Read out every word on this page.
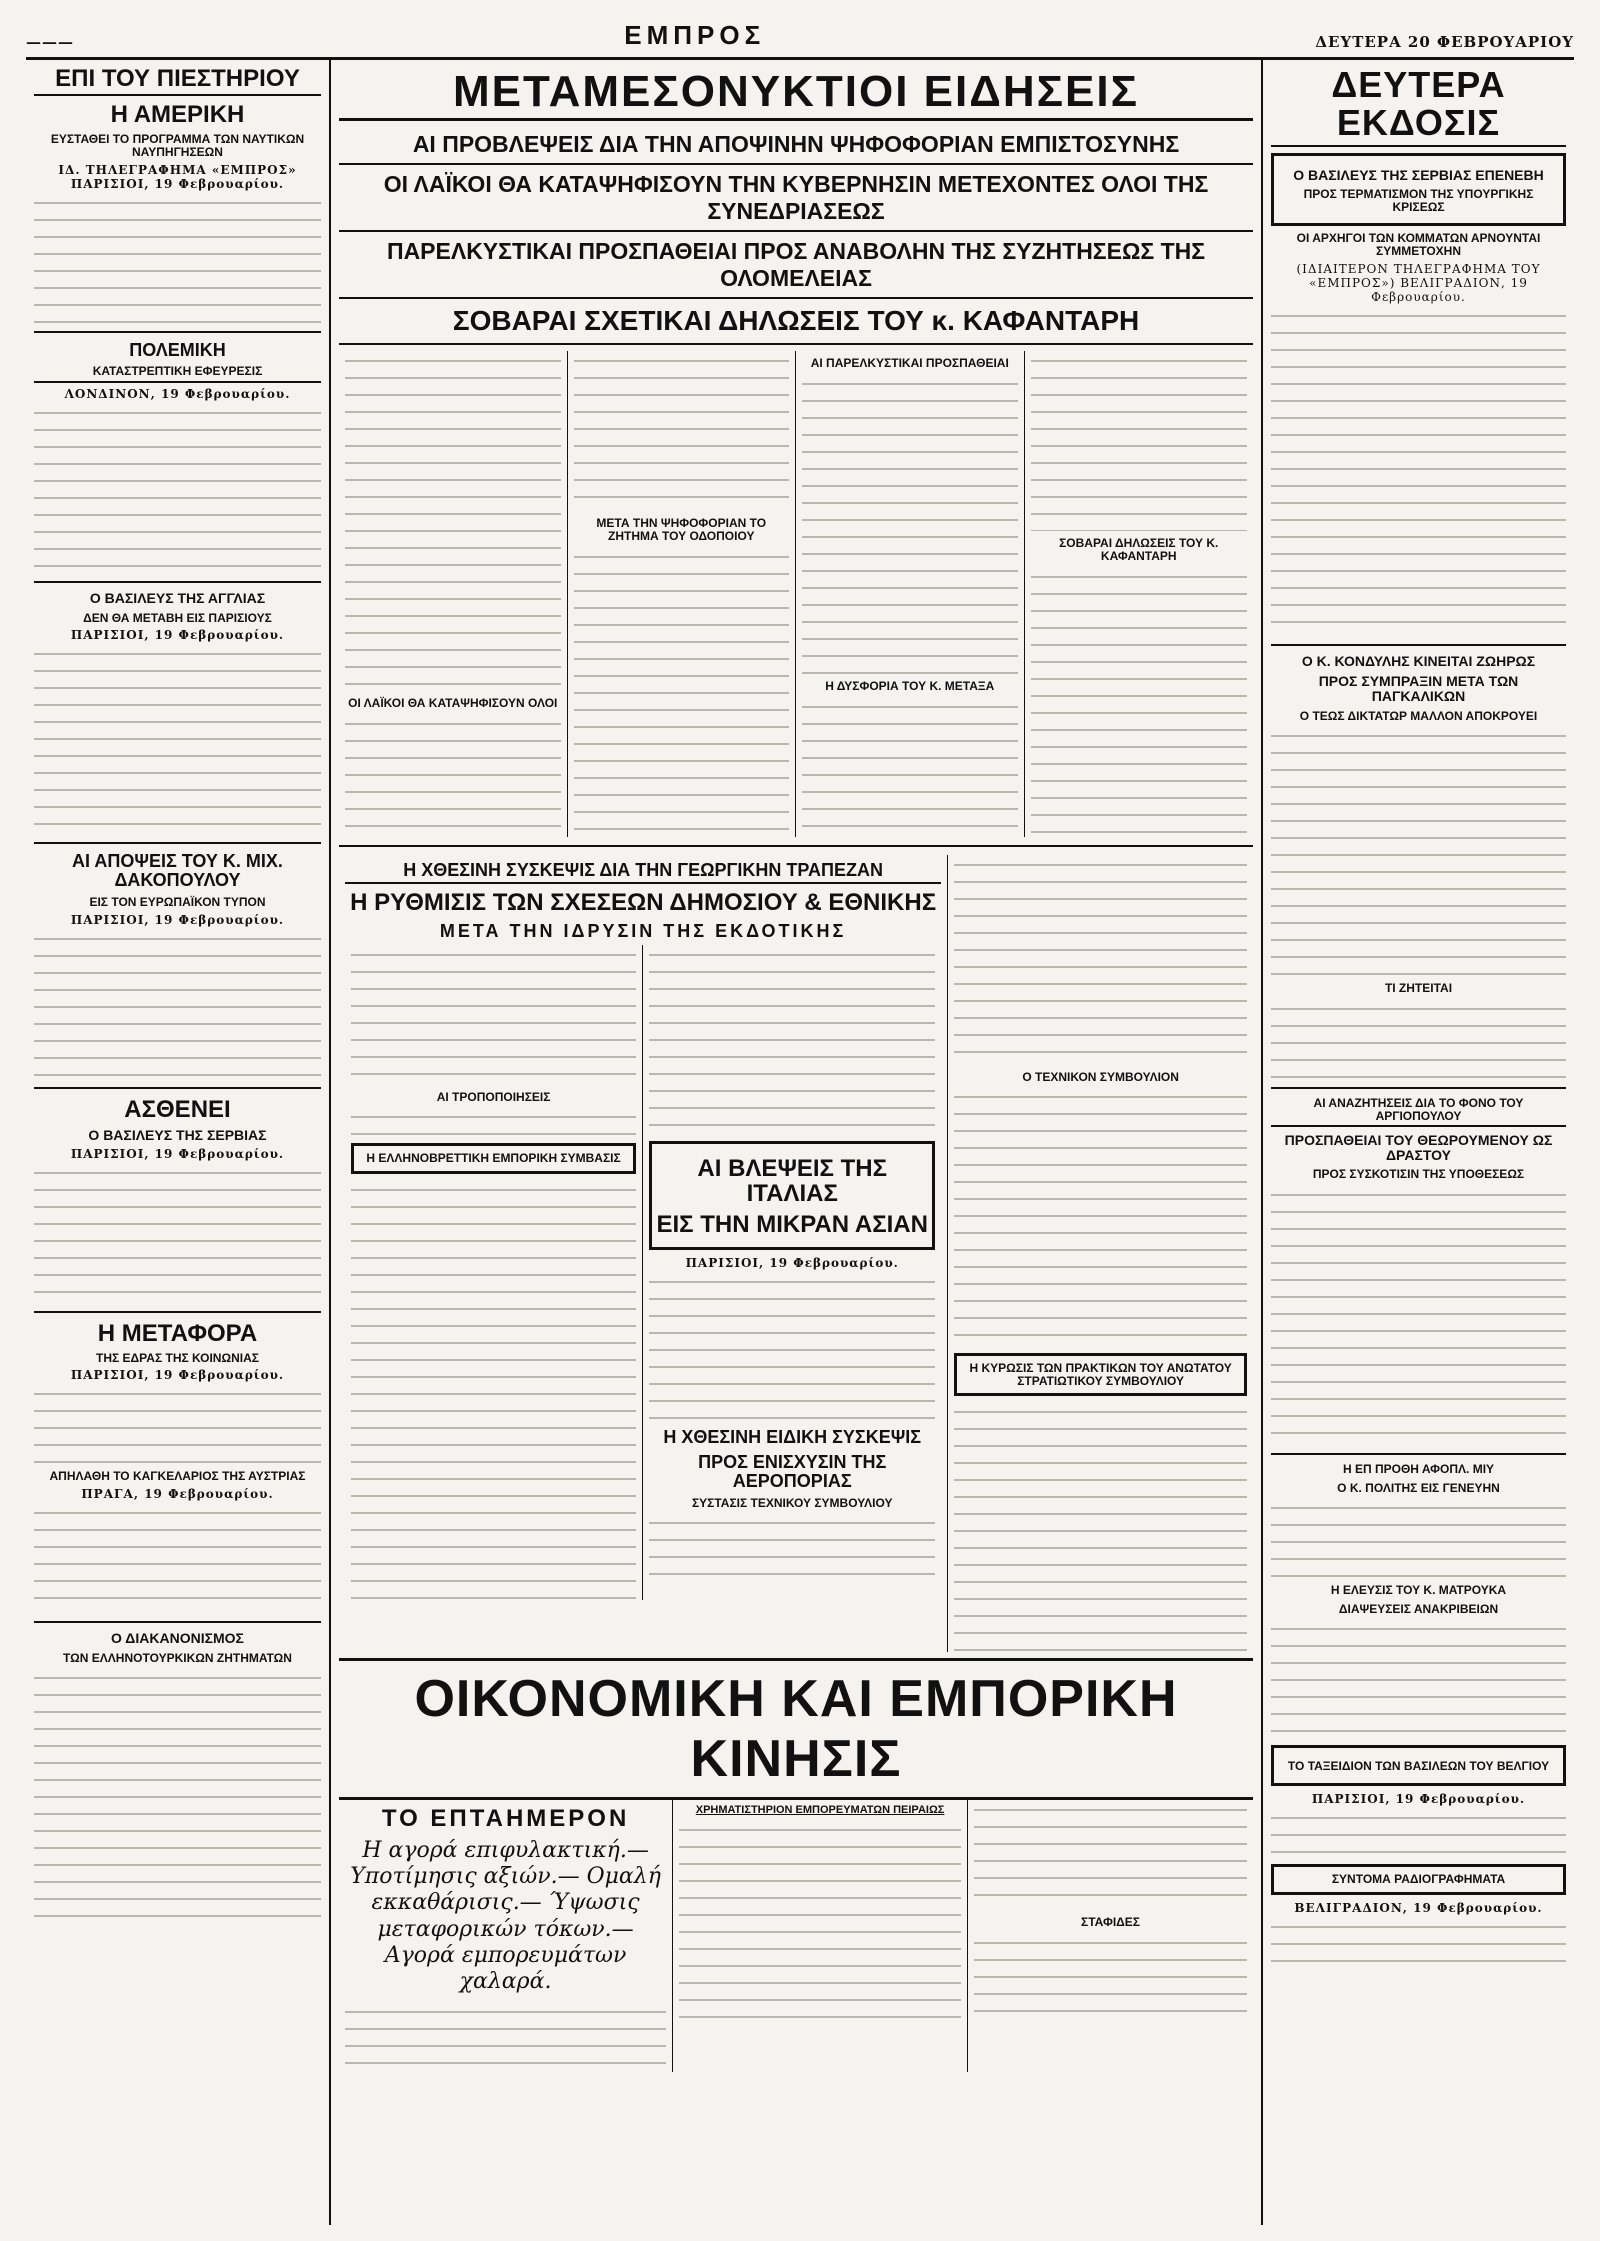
———	ΕΜΠΡΟΣ	ΔΕΥΤΕΡΑ 20 ΦΕΒΡΟΥΑΡΙΟΥ
ΕΠΙ ΤΟΥ ΠΙΕΣΤΗΡΙΟΥ
Η ΑΜΕΡΙΚΗ
ΕΥΣΤΑΘΕΙ ΤΟ ΠΡΟΓΡΑΜΜΑ ΤΩΝ ΝΑΥΤΙΚΩΝ ΝΑΥΠΗΓΗΣΕΩΝ
ΙΔ. ΤΗΛΕΓΡΑΦΗΜΑ «ΕΜΠΡΟΣ» ΠΑΡΙΣΙΟΙ, 19 Φεβρουαρίου.
ΠΟΛΕΜΙΚΗ
ΚΑΤΑΣΤΡΕΠΤΙΚΗ ΕΦΕΥΡΕΣΙΣ
ΛΟΝΔΙΝΟΝ, 19 Φεβρουαρίου.
Ο ΒΑΣΙΛΕΥΣ ΤΗΣ ΑΓΓΛΙΑΣ
ΔΕΝ ΘΑ ΜΕΤΑΒΗ ΕΙΣ ΠΑΡΙΣΙΟΥΣ
ΠΑΡΙΣΙΟΙ, 19 Φεβρουαρίου.
ΑΙ ΑΠΟΨΕΙΣ ΤΟΥ Κ. ΜΙΧ. ΔΑΚΟΠΟΥΛΟΥ
ΕΙΣ ΤΟΝ ΕΥΡΩΠΑΪΚΟΝ ΤΥΠΟΝ
ΠΑΡΙΣΙΟΙ, 19 Φεβρουαρίου.
ΑΣΘΕΝΕΙ
Ο ΒΑΣΙΛΕΥΣ ΤΗΣ ΣΕΡΒΙΑΣ
ΠΑΡΙΣΙΟΙ, 19 Φεβρουαρίου.
Η ΜΕΤΑΦΟΡΑ
ΤΗΣ ΕΔΡΑΣ ΤΗΣ ΚΟΙΝΩΝΙΑΣ
ΠΑΡΙΣΙΟΙ, 19 Φεβρουαρίου.
ΑΠΗΛΑΘΗ ΤΟ ΚΑΓΚΕΛΑΡΙΟΣ ΤΗΣ ΑΥΣΤΡΙΑΣ
ΠΡΑΓΑ, 19 Φεβρουαρίου.
Ο ΔΙΑΚΑΝΟΝΙΣΜΟΣ
ΤΩΝ ΕΛΛΗΝΟΤΟΥΡΚΙΚΩΝ ΖΗΤΗΜΑΤΩΝ
ΜΕΤΑΜΕΣΟΝΥΚΤΙΟΙ ΕΙΔΗΣΕΙΣ
ΑΙ ΠΡΟΒΛΕΨΕΙΣ ΔΙΑ ΤΗΝ ΑΠΟΨΙΝΗΝ ΨΗΦΟΦΟΡΙΑΝ ΕΜΠΙΣΤΟΣΥΝΗΣ
ΟΙ ΛΑΪΚΟΙ ΘΑ ΚΑΤΑΨΗΦΙΣΟΥΝ ΤΗΝ ΚΥΒΕΡΝΗΣΙΝ ΜΕΤΕΧΟΝΤΕΣ ΟΛΟΙ ΤΗΣ ΣΥΝΕΔΡΙΑΣΕΩΣ
ΠΑΡΕΛΚΥΣΤΙΚΑΙ ΠΡΟΣΠΑΘΕΙΑΙ ΠΡΟΣ ΑΝΑΒΟΛΗΝ ΤΗΣ ΣΥΖΗΤΗΣΕΩΣ ΤΗΣ ΟΛΟΜΕΛΕΙΑΣ
ΣΟΒΑΡΑΙ ΣΧΕΤΙΚΑΙ ΔΗΛΩΣΕΙΣ ΤΟΥ κ. ΚΑΦΑΝΤΑΡΗ
ΟΙ ΛΑΪΚΟΙ ΘΑ ΚΑΤΑΨΗΦΙΣΟΥΝ ΟΛΟΙ
ΜΕΤΑ ΤΗΝ ΨΗΦΟΦΟΡΙΑΝ ΤΟ ΖΗΤΗΜΑ ΤΟΥ ΟΔΟΠΟΙΟΥ
ΑΙ ΠΑΡΕΛΚΥΣΤΙΚΑΙ ΠΡΟΣΠΑΘΕΙΑΙ
Η ΔΥΣΦΟΡΙΑ ΤΟΥ Κ. ΜΕΤΑΞΑ
ΣΟΒΑΡΑΙ ΔΗΛΩΣΕΙΣ ΤΟΥ Κ. ΚΑΦΑΝΤΑΡΗ
Η ΧΘΕΣΙΝΗ ΣΥΣΚΕΨΙΣ ΔΙΑ ΤΗΝ ΓΕΩΡΓΙΚΗΝ ΤΡΑΠΕΖΑΝ
Η ΡΥΘΜΙΣΙΣ ΤΩΝ ΣΧΕΣΕΩΝ ΔΗΜΟΣΙΟΥ & ΕΘΝΙΚΗΣ
ΜΕΤΑ ΤΗΝ ΙΔΡΥΣΙΝ ΤΗΣ ΕΚΔΟΤΙΚΗΣ
ΑΙ ΤΡΟΠΟΠΟΙΗΣΕΙΣ
Η ΕΛΛΗΝΟΒΡΕΤΤΙΚΗ ΕΜΠΟΡΙΚΗ ΣΥΜΒΑΣΙΣ	ΑΙ ΒΛΕΨΕΙΣ ΤΗΣ ΙΤΑΛΙΑΣ
ΕΙΣ ΤΗΝ ΜΙΚΡΑΝ ΑΣΙΑΝ
ΠΑΡΙΣΙΟΙ, 19 Φεβρουαρίου.
Η ΧΘΕΣΙΝΗ ΕΙΔΙΚΗ ΣΥΣΚΕΨΙΣ
ΠΡΟΣ ΕΝΙΣΧΥΣΙΝ ΤΗΣ ΑΕΡΟΠΟΡΙΑΣ
ΣΥΣΤΑΣΙΣ ΤΕΧΝΙΚΟΥ ΣΥΜΒΟΥΛΙΟΥ
Ο ΤΕΧΝΙΚΟΝ ΣΥΜΒΟΥΛΙΟΝ
Η ΚΥΡΩΣΙΣ ΤΩΝ ΠΡΑΚΤΙΚΩΝ ΤΟΥ ΑΝΩΤΑΤΟΥ ΣΤΡΑΤΙΩΤΙΚΟΥ ΣΥΜΒΟΥΛΙΟΥ
ΟΙΚΟΝΟΜΙΚΗ ΚΑΙ ΕΜΠΟΡΙΚΗ ΚΙΝΗΣΙΣ
ΤΟ ΕΠΤΑΗΜΕΡΟΝ
Η αγορά επιφυλακτική.— Υποτίμησις αξιών.— Ομαλή εκκαθάρισις.— Ύψωσις μεταφορικών τόκων.— Αγορά εμπορευμάτων χαλαρά.
ΧΡΗΜΑΤΙΣΤΗΡΙΟΝ ΕΜΠΟΡΕΥΜΑΤΩΝ ΠΕΙΡΑΙΩΣ
ΣΤΑΦΙΔΕΣ
ΔΕΥΤΕΡΑ ΕΚΔΟΣΙΣ
Ο ΒΑΣΙΛΕΥΣ ΤΗΣ ΣΕΡΒΙΑΣ ΕΠΕΝΕΒΗ
ΠΡΟΣ ΤΕΡΜΑΤΙΣΜΟΝ ΤΗΣ ΥΠΟΥΡΓΙΚΗΣ ΚΡΙΣΕΩΣ
ΟΙ ΑΡΧΗΓΟΙ ΤΩΝ ΚΟΜΜΑΤΩΝ ΑΡΝΟΥΝΤΑΙ ΣΥΜΜΕΤΟΧΗΝ
(ΙΔΙΑΙΤΕΡΟΝ ΤΗΛΕΓΡΑΦΗΜΑ ΤΟΥ «ΕΜΠΡΟΣ») ΒΕΛΙΓΡΑΔΙΟΝ, 19 Φεβρουαρίου.
Ο Κ. ΚΟΝΔΥΛΗΣ ΚΙΝΕΙΤΑΙ ΖΩΗΡΩΣ
ΠΡΟΣ ΣΥΜΠΡΑΞΙΝ ΜΕΤΑ ΤΩΝ ΠΑΓΚΑΛΙΚΩΝ
Ο ΤΕΩΣ ΔΙΚΤΑΤΩΡ ΜΑΛΛΟΝ ΑΠΟΚΡΟΥΕΙ
ΤΙ ΖΗΤΕΙΤΑΙ
ΑΙ ΑΝΑΖΗΤΗΣΕΙΣ ΔΙΑ ΤΟ ΦΟΝΟ ΤΟΥ ΑΡΓΙΟΠΟΥΛΟΥ
ΠΡΟΣΠΑΘΕΙΑΙ ΤΟΥ ΘΕΩΡΟΥΜΕΝΟΥ ΩΣ ΔΡΑΣΤΟΥ
ΠΡΟΣ ΣΥΣΚΟΤΙΣΙΝ ΤΗΣ ΥΠΟΘΕΣΕΩΣ
Η ΕΠ ΠΡΟΘΗ ΑΦΟΠΛ. ΜΙΥ
Ο Κ. ΠΟΛΙΤΗΣ ΕΙΣ ΓΕΝΕΥΗΝ
Η ΕΛΕΥΣΙΣ ΤΟΥ Κ. ΜΑΤΡΟΥΚΑ
ΔΙΑΨΕΥΣΕΙΣ ΑΝΑΚΡΙΒΕΙΩΝ
ΤΟ ΤΑΞΕΙΔΙΟΝ ΤΩΝ ΒΑΣΙΛΕΩΝ ΤΟΥ ΒΕΛΓΙΟΥ
ΠΑΡΙΣΙΟΙ, 19 Φεβρουαρίου.
ΣΥΝΤΟΜΑ ΡΑΔΙΟΓΡΑΦΗΜΑΤΑ
ΒΕΛΙΓΡΑΔΙΟΝ, 19 Φεβρουαρίου.
